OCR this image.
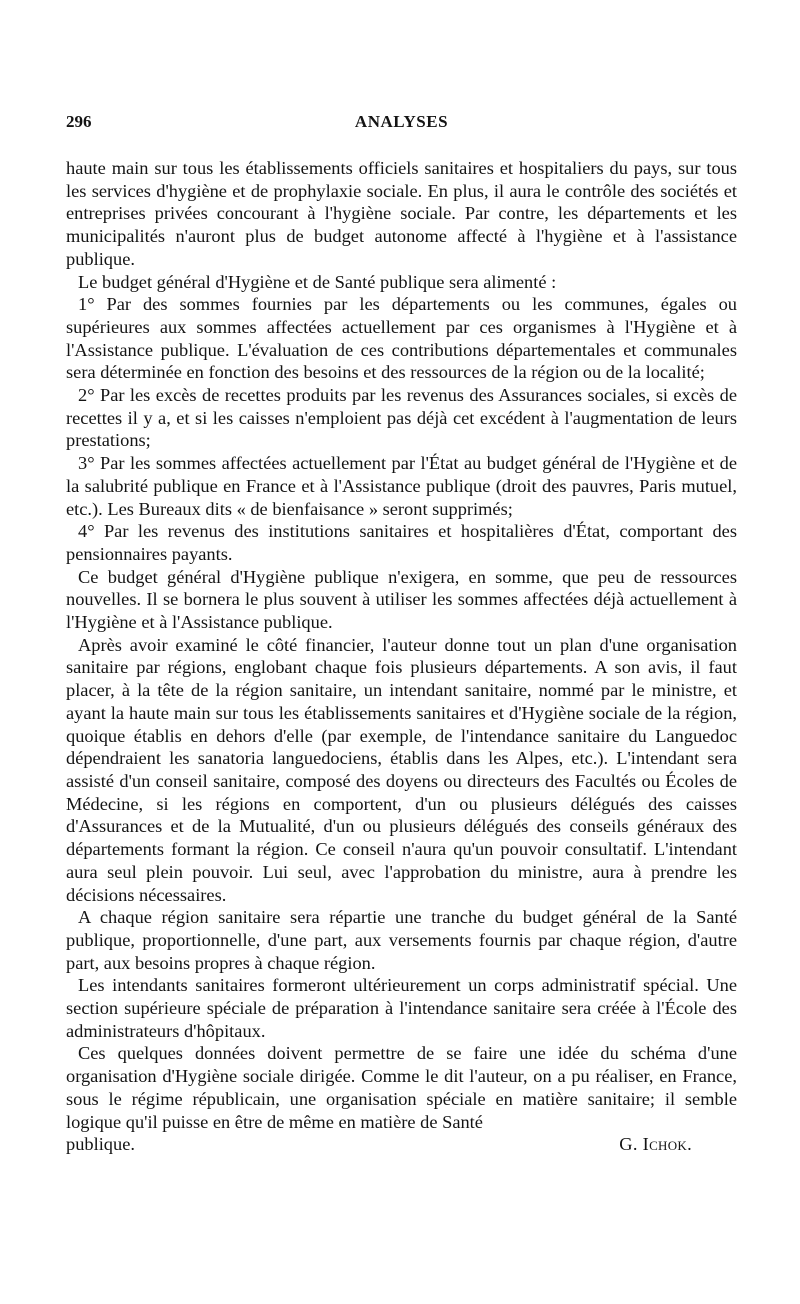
296	ANALYSES

haute main sur tous les établissements officiels sanitaires et hospitaliers du pays, sur tous les services d'hygiène et de prophylaxie sociale. En plus, il aura le contrôle des sociétés et entreprises privées concourant à l'hygiène sociale. Par contre, les départements et les municipalités n'auront plus de budget autonome affecté à l'hygiène et à l'assistance publique.

Le budget général d'Hygiène et de Santé publique sera alimenté :

1° Par des sommes fournies par les départements ou les communes, égales ou supérieures aux sommes affectées actuellement par ces organismes à l'Hygiène et à l'Assistance publique. L'évaluation de ces contributions départementales et communales sera déterminée en fonction des besoins et des ressources de la région ou de la localité;

2° Par les excès de recettes produits par les revenus des Assurances sociales, si excès de recettes il y a, et si les caisses n'emploient pas déjà cet excédent à l'augmentation de leurs prestations;

3° Par les sommes affectées actuellement par l'État au budget général de l'Hygiène et de la salubrité publique en France et à l'Assistance publique (droit des pauvres, Paris mutuel, etc.). Les Bureaux dits « de bienfaisance » seront supprimés;

4° Par les revenus des institutions sanitaires et hospitalières d'État, comportant des pensionnaires payants.

Ce budget général d'Hygiène publique n'exigera, en somme, que peu de ressources nouvelles. Il se bornera le plus souvent à utiliser les sommes affectées déjà actuellement à l'Hygiène et à l'Assistance publique.

Après avoir examiné le côté financier, l'auteur donne tout un plan d'une organisation sanitaire par régions, englobant chaque fois plusieurs départements. A son avis, il faut placer, à la tête de la région sanitaire, un intendant sanitaire, nommé par le ministre, et ayant la haute main sur tous les établissements sanitaires et d'Hygiène sociale de la région, quoique établis en dehors d'elle (par exemple, de l'intendance sanitaire du Languedoc dépendraient les sanatoria languedociens, établis dans les Alpes, etc.). L'intendant sera assisté d'un conseil sanitaire, composé des doyens ou directeurs des Facultés ou Écoles de Médecine, si les régions en comportent, d'un ou plusieurs délégués des caisses d'Assurances et de la Mutualité, d'un ou plusieurs délégués des conseils généraux des départements formant la région. Ce conseil n'aura qu'un pouvoir consultatif. L'intendant aura seul plein pouvoir. Lui seul, avec l'approbation du ministre, aura à prendre les décisions nécessaires.

A chaque région sanitaire sera répartie une tranche du budget général de la Santé publique, proportionnelle, d'une part, aux versements fournis par chaque région, d'autre part, aux besoins propres à chaque région.

Les intendants sanitaires formeront ultérieurement un corps administratif spécial. Une section supérieure spéciale de préparation à l'intendance sanitaire sera créée à l'École des administrateurs d'hôpitaux.

Ces quelques données doivent permettre de se faire une idée du schéma d'une organisation d'Hygiène sociale dirigée. Comme le dit l'auteur, on a pu réaliser, en France, sous le régime républicain, une organisation spéciale en matière sanitaire; il semble logique qu'il puisse en être de même en matière de Santé

publique.	G. Ichok.
